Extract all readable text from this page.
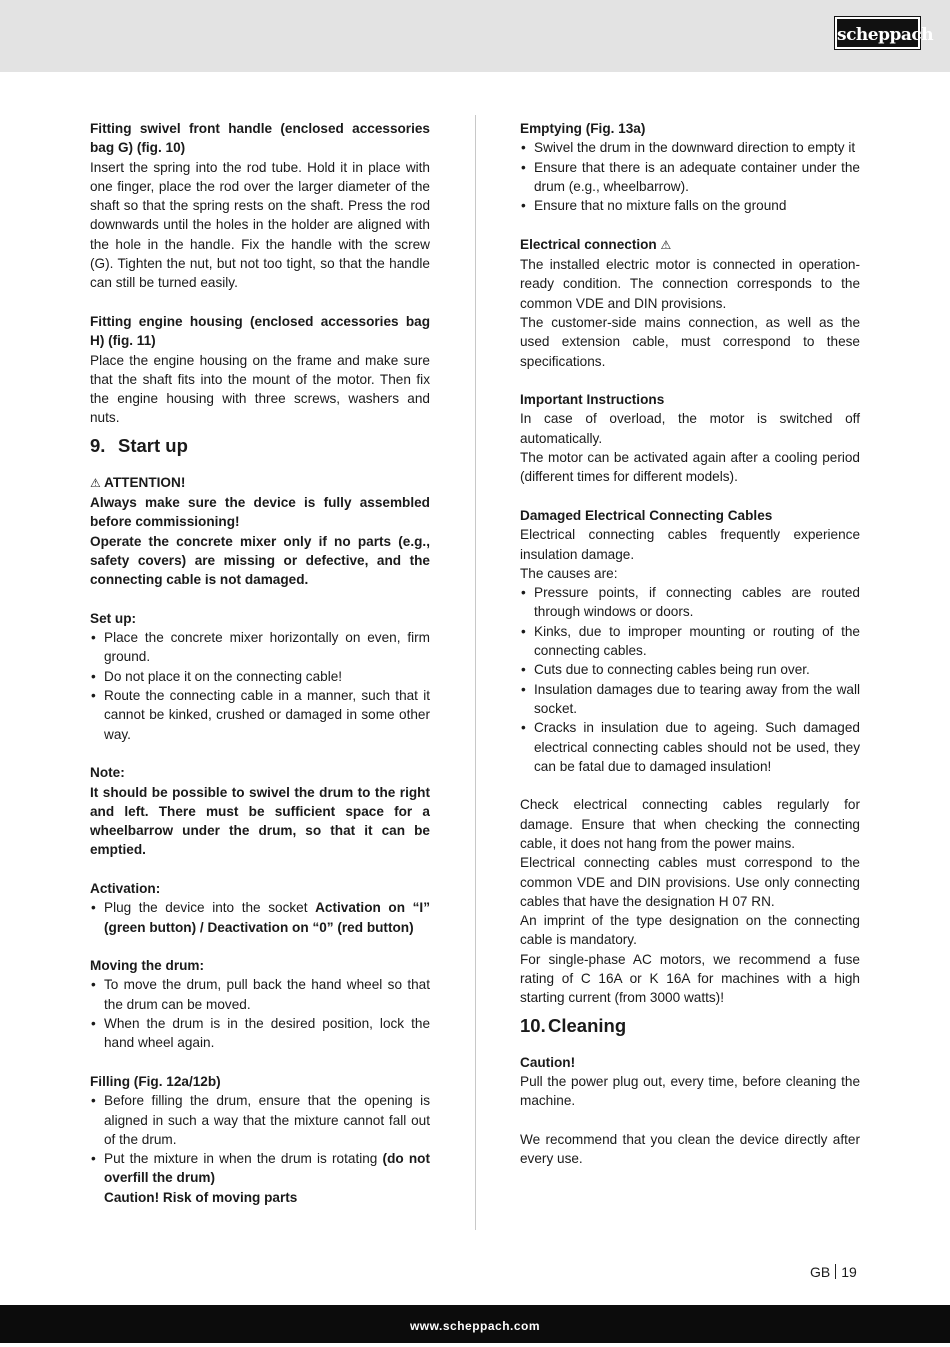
scheppach

Fitting swivel front handle (enclosed accessories bag G) (fig. 10)

Insert the spring into the rod tube. Hold it in place with one finger, place the rod over the larger diameter of the shaft so that the spring rests on the shaft. Press the rod downwards until the holes in the holder are aligned with the hole in the handle. Fix the handle with the screw (G). Tighten the nut, but not too tight, so that the handle can still be turned easily.

Fitting engine housing (enclosed accessories bag H) (fig. 11)

Place the engine housing on the frame and make sure that the shaft fits into the mount of the motor. Then fix the engine housing with three screws, washers and nuts.

9. Start up

⚠ ATTENTION!

Always make sure the device is fully assembled before commissioning!

Operate the concrete mixer only if no parts (e.g., safety covers) are missing or defective, and the connecting cable is not damaged.

Set up:

• Place the concrete mixer horizontally on even, firm ground.
• Do not place it on the connecting cable!
• Route the connecting cable in a manner, such that it cannot be kinked, crushed or damaged in some other way.

Note:

It should be possible to swivel the drum to the right and left. There must be sufficient space for a wheelbarrow under the drum, so that it can be emptied.

Activation:

• Plug the device into the socket Activation on “I” (green button) / Deactivation on “0” (red button)

Moving the drum:

• To move the drum, pull back the hand wheel so that the drum can be moved.
• When the drum is in the desired position, lock the hand wheel again.

Filling (Fig. 12a/12b)

• Before filling the drum, ensure that the opening is aligned in such a way that the mixture cannot fall out of the drum.
• Put the mixture in when the drum is rotating (do not overfill the drum)
Caution! Risk of moving parts

Emptying (Fig. 13a)

• Swivel the drum in the downward direction to empty it
• Ensure that there is an adequate container under the drum (e.g., wheelbarrow).
• Ensure that no mixture falls on the ground

Electrical connection ⚠

The installed electric motor is connected in operation-ready condition. The connection corresponds to the common VDE and DIN provisions.

The customer-side mains connection, as well as the used extension cable, must correspond to these specifications.

Important Instructions

In case of overload, the motor is switched off automatically.

The motor can be activated again after a cooling period (different times for different models).

Damaged Electrical Connecting Cables

Electrical connecting cables frequently experience insulation damage.

The causes are:

• Pressure points, if connecting cables are routed through windows or doors.
• Kinks, due to improper mounting or routing of the connecting cables.
• Cuts due to connecting cables being run over.
• Insulation damages due to tearing away from the wall socket.
• Cracks in insulation due to ageing. Such damaged electrical connecting cables should not be used, they can be fatal due to damaged insulation!

Check electrical connecting cables regularly for damage. Ensure that when checking the connecting cable, it does not hang from the power mains.

Electrical connecting cables must correspond to the common VDE and DIN provisions. Use only connecting cables that have the designation H 07 RN.

An imprint of the type designation on the connecting cable is mandatory.

For single-phase AC motors, we recommend a fuse rating of C 16A or K 16A for machines with a high starting current (from 3000 watts)!

10. Cleaning

Caution!

Pull the power plug out, every time, before cleaning the machine.

We recommend that you clean the device directly after every use.

GB 19
www.scheppach.com
